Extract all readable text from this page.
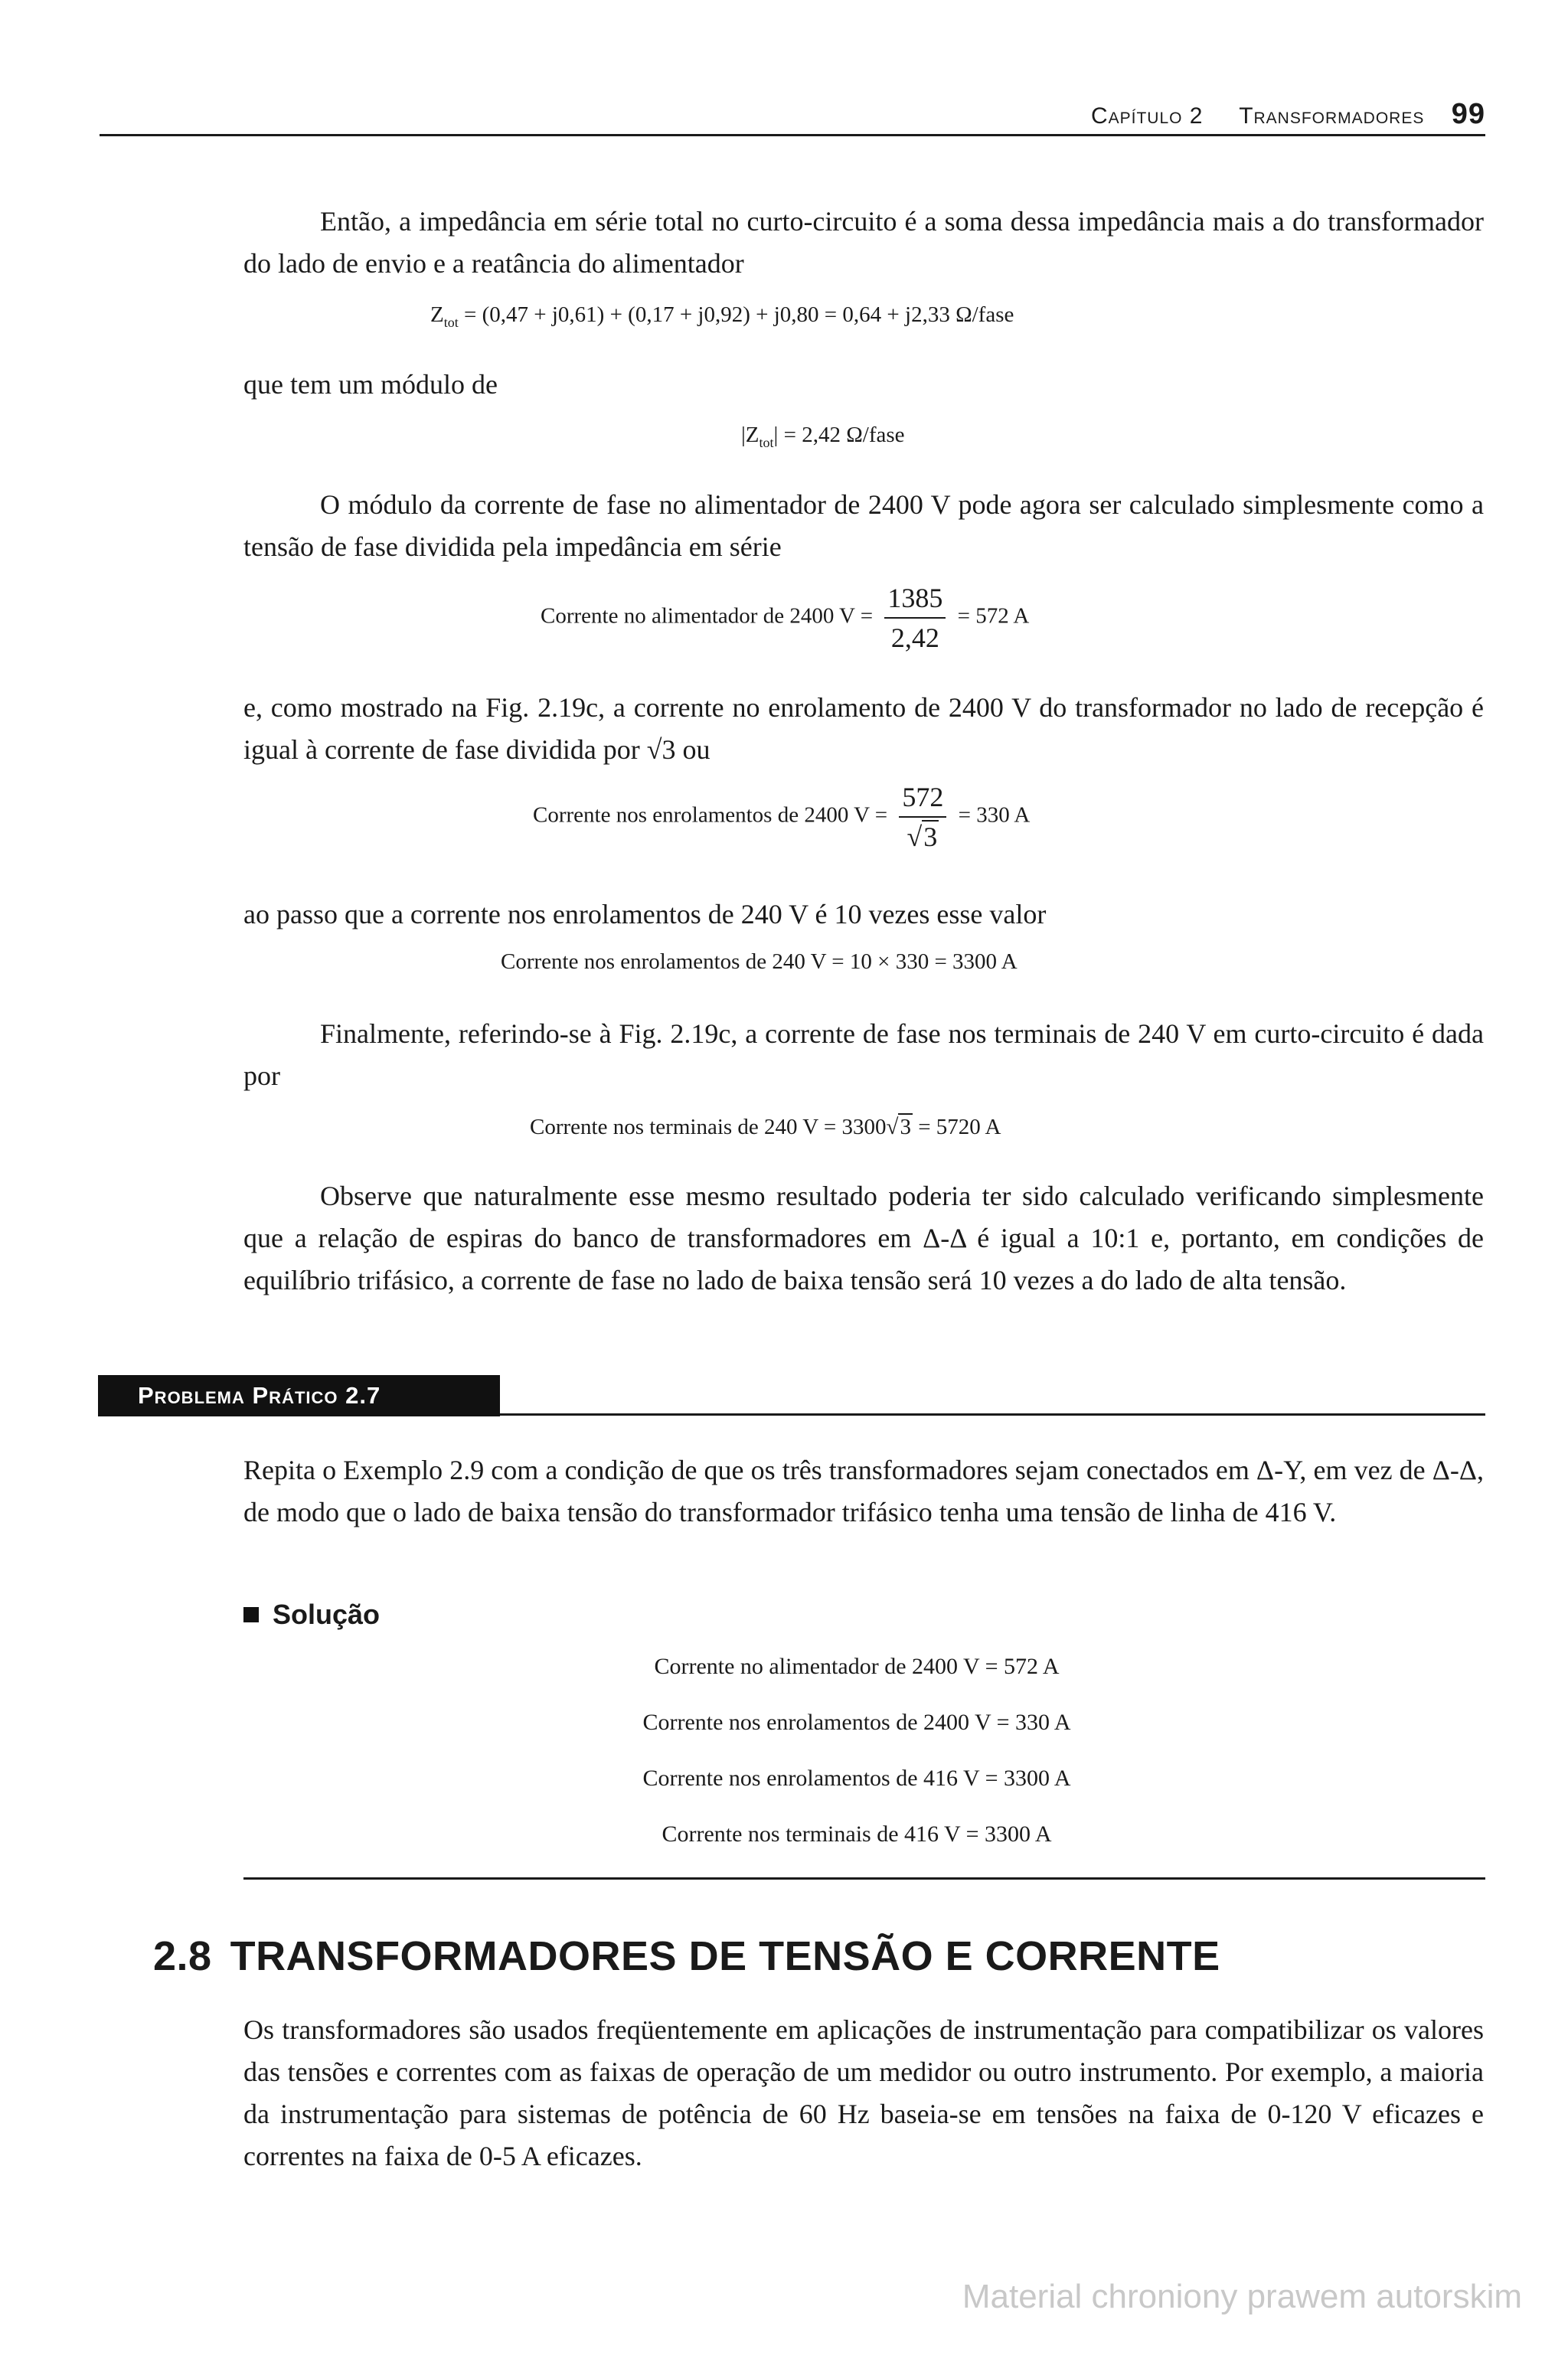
Capítulo 2 Transformadores 99

Então, a impedância em série total no curto-circuito é a soma dessa impedância mais a do transformador do lado de envio e a reatância do alimentador

$Z_{tot} = (0,47 + j0,61) + (0,17 + j0,92) + j0,80 = 0,64 + j2,33$ Ω/fase

que tem um módulo de

$|Z_{tot}| = 2,42$ Ω/fase

O módulo da corrente de fase no alimentador de 2400 V pode agora ser calculado simplesmente como a tensão de fase dividida pela impedância em série

Corrente no alimentador de 2400 $V = \frac{1385}{2,42} = 572$ A

e, como mostrado na Fig. 2.19c, a corrente no enrolamento de 2400 V do transformador no lado de recepção é igual à corrente de fase dividida por √3 ou

Corrente nos enrolamentos de 2400 $V = \frac{572}{√3} = 330$ A

ao passo que a corrente nos enrolamentos de 240 V é 10 vezes esse valor

Corrente nos enrolamentos de 240 V = 10 × 330 = 3300 A

Finalmente, referindo-se à Fig. 2.19c, a corrente de fase nos terminais de 240 V em curto-circuito é dada por

Corrente nos terminais de 240 V = 3300√3 = 5720 A

Observe que naturalmente esse mesmo resultado poderia ter sido calculado verificando simplesmente que a relação de espiras do banco de transformadores em Δ-Δ é igual a 10:1 e, portanto, em condições de equilíbrio trifásico, a corrente de fase no lado de baixa tensão será 10 vezes a do lado de alta tensão.

Problema Prático 2.7

Repita o Exemplo 2.9 com a condição de que os três transformadores sejam conectados em Δ-Y, em vez de Δ-Δ, de modo que o lado de baixa tensão do transformador trifásico tenha uma tensão de linha de 416 V.

Solução
Corrente no alimentador de 2400 V = 572 A
Corrente nos enrolamentos de 2400 V = 330 A
Corrente nos enrolamentos de 416 V = 3300 A
Corrente nos terminais de 416 V = 3300 A
2.8 TRANSFORMADORES DE TENSÃO E CORRENTE

Os transformadores são usados freqüentemente em aplicações de instrumentação para compatibilizar os valores das tensões e correntes com as faixas de operação de um medidor ou outro instrumento. Por exemplo, a maioria da instrumentação para sistemas de potência de 60 Hz baseia-se em tensões na faixa de 0-120 V eficazes e correntes na faixa de 0-5 A eficazes.

Material chroniony prawem autorskim
